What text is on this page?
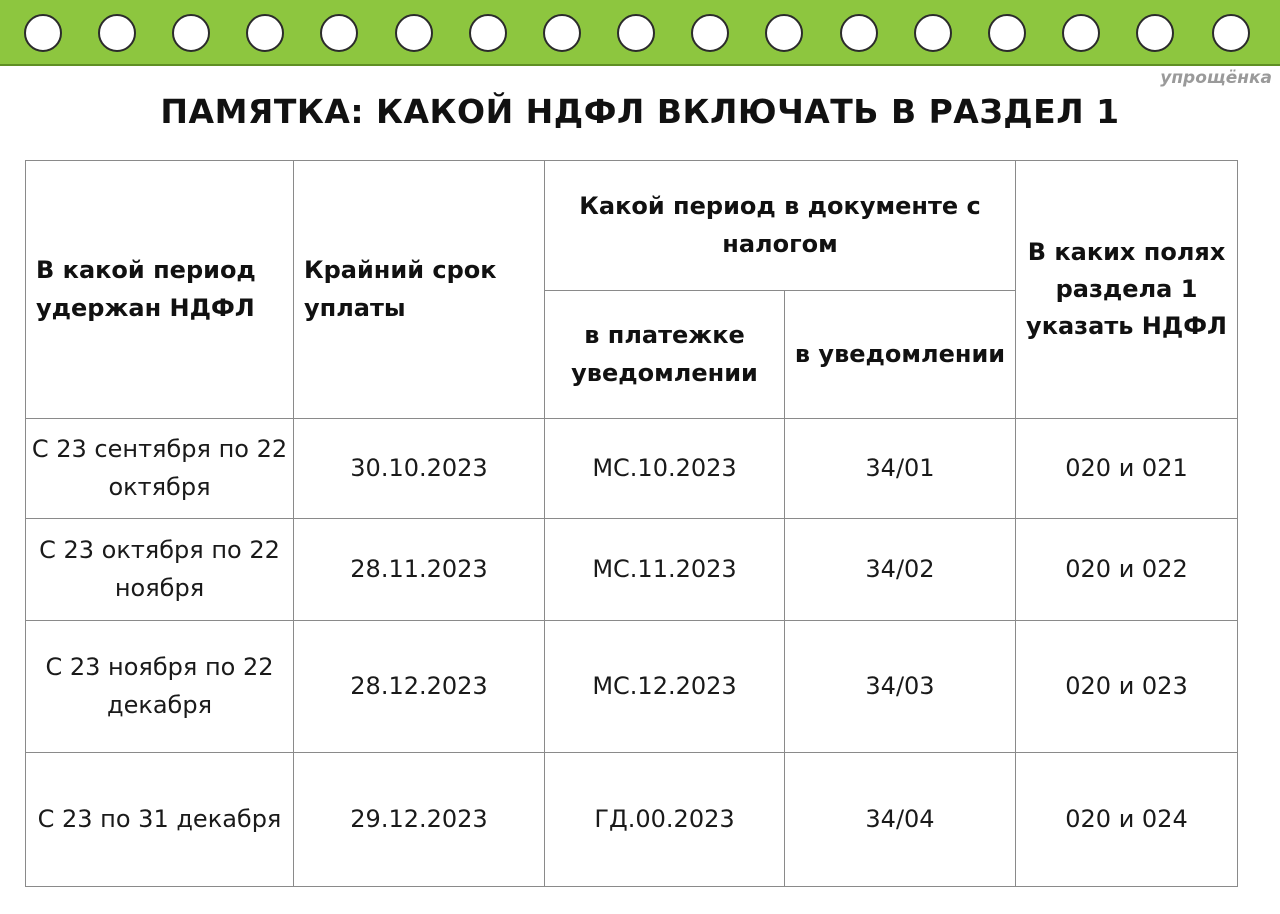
упрощёнка
ПАМЯТКА: КАКОЙ НДФЛ ВКЛЮЧАТЬ В РАЗДЕЛ 1
В какой период удержан НДФЛ	Крайний срок уплаты	Какой период в документе с налогом		В каких полях раздела 1 указать НДФЛ
		в платежке уведомлении	в уведомлении	
С 23 сентября по 22 октября	30.10.2023	МС.10.2023	34/01	020 и 021
С 23 октября по 22 ноября	28.11.2023	МС.11.2023	34/02	020 и 022
С 23 ноября по 22 декабря	28.12.2023	МС.12.2023	34/03	020 и 023
С 23 по 31 декабря	29.12.2023	ГД.00.2023	34/04	020 и 024
